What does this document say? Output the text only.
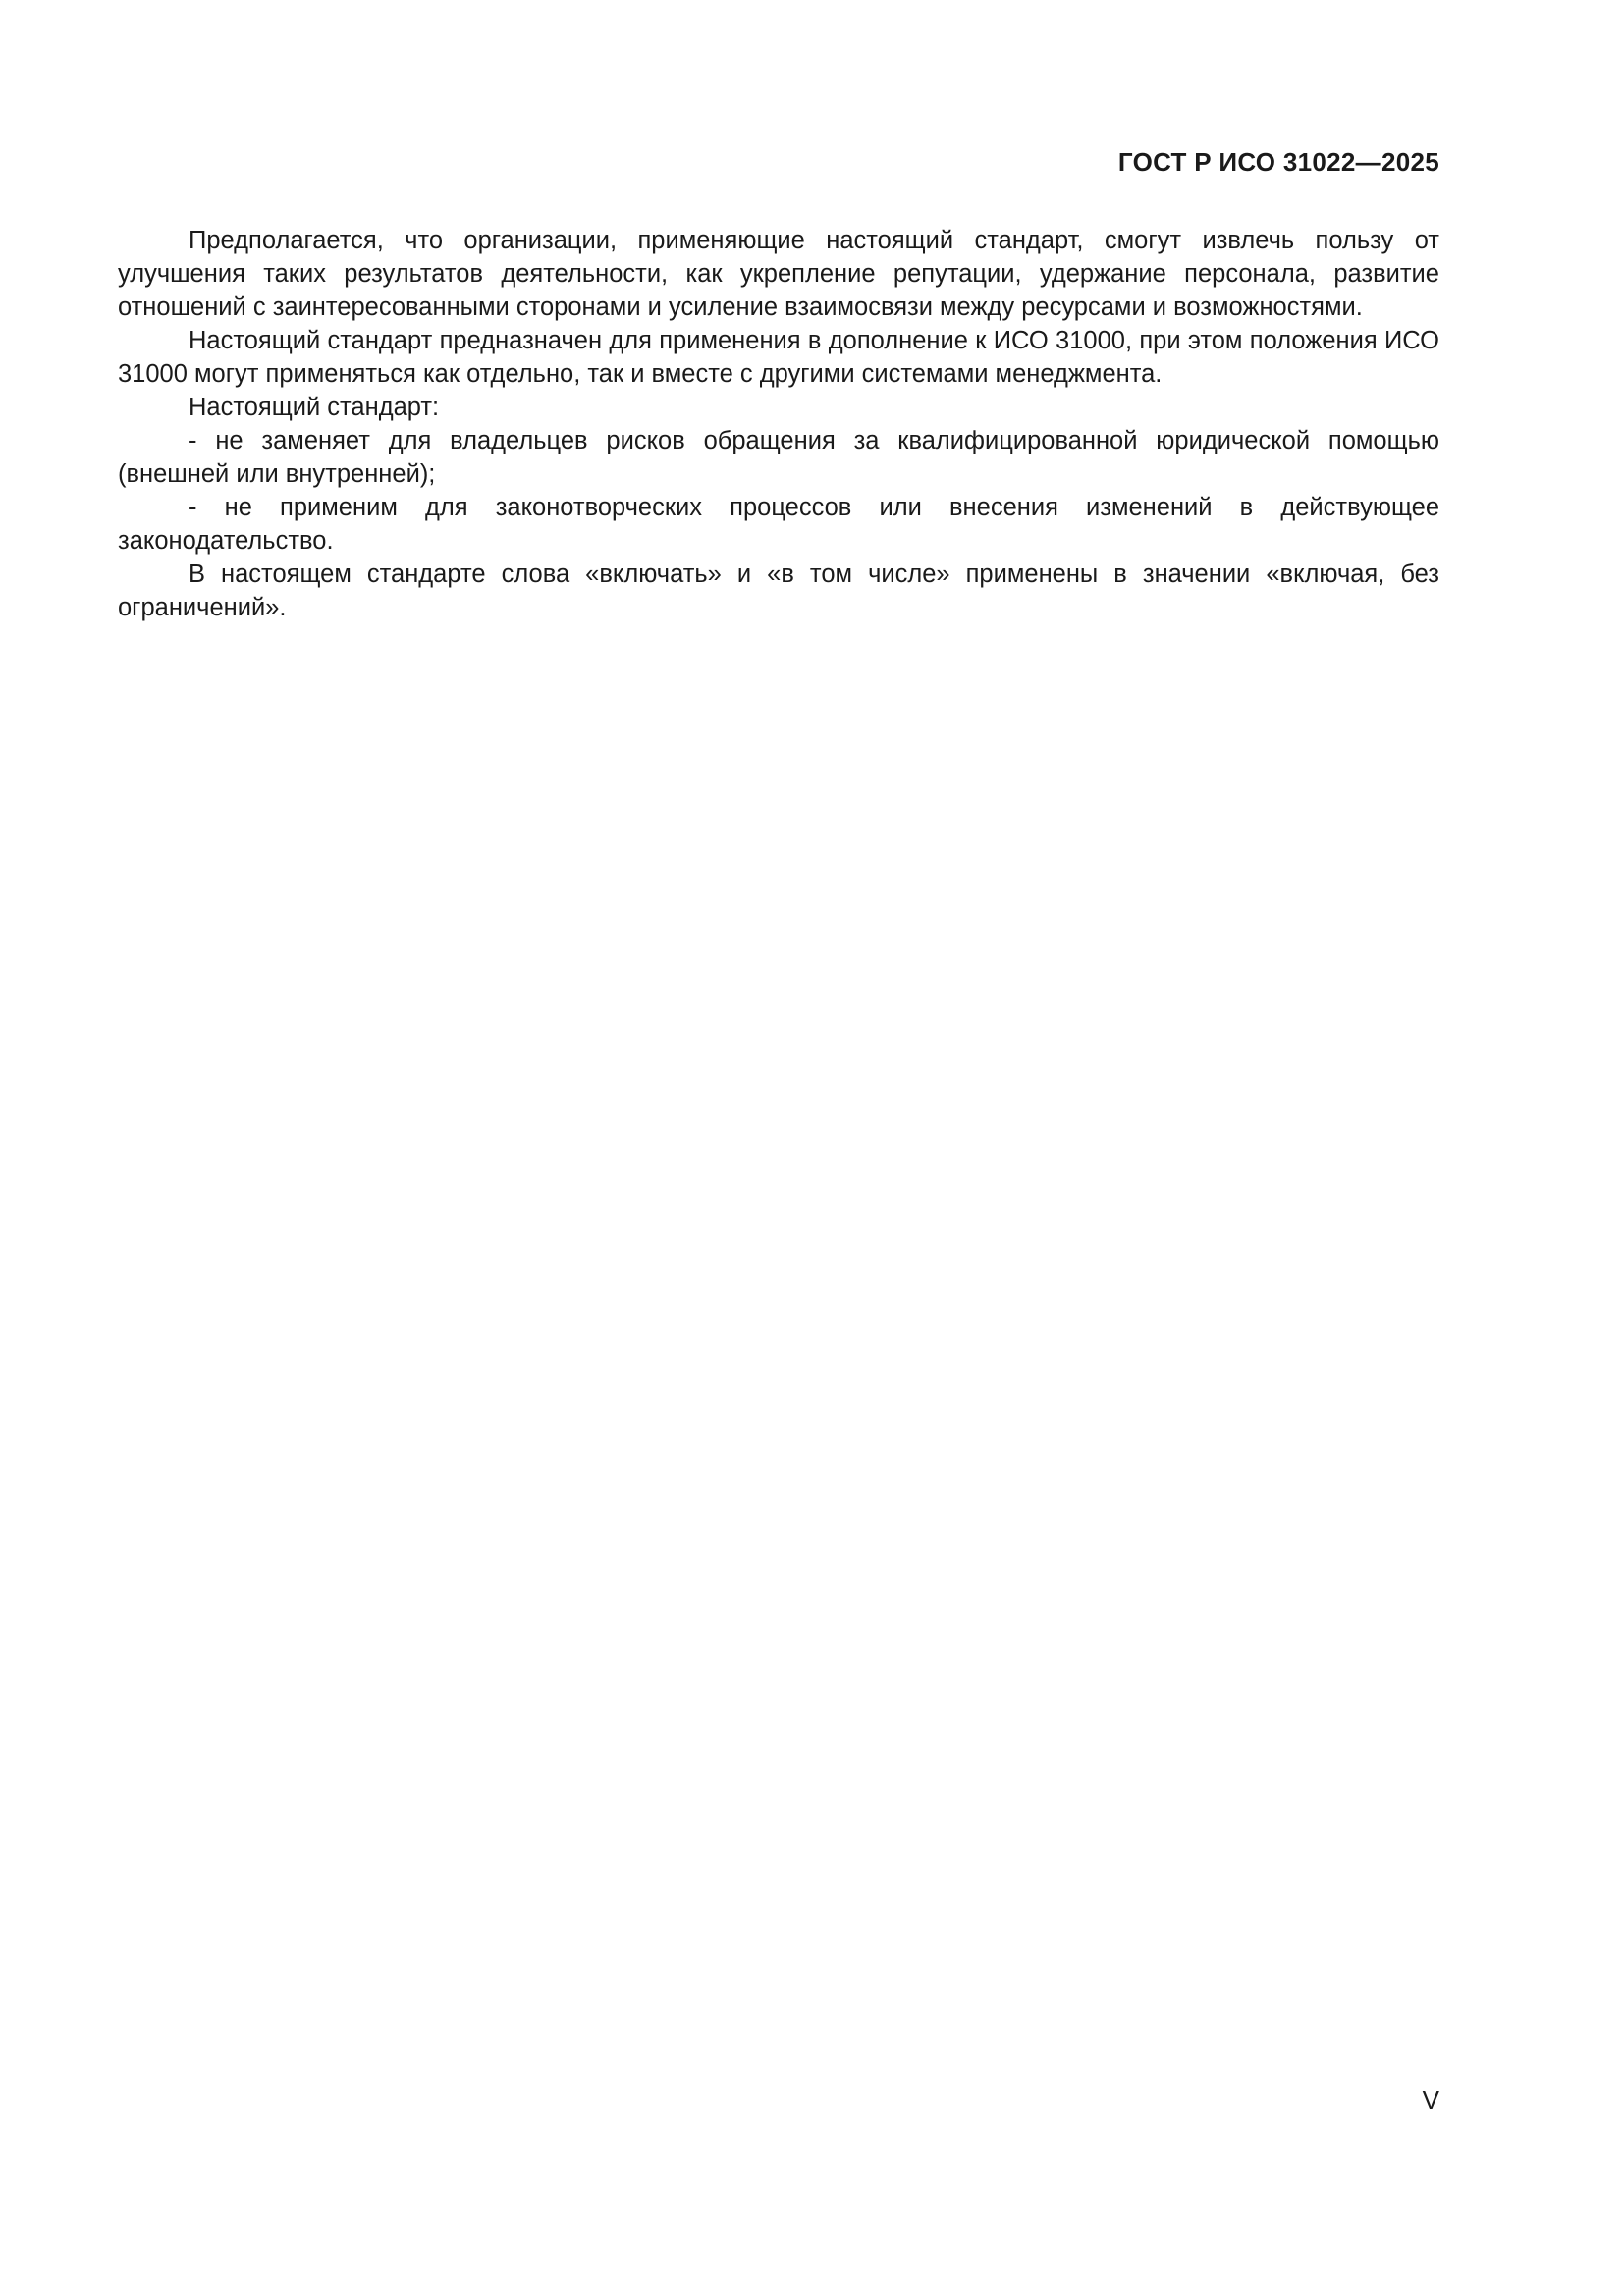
ГОСТ Р ИСО 31022—2025

Предполагается, что организации, применяющие настоящий стандарт, смогут извлечь пользу от улучшения таких результатов деятельности, как укрепление репутации, удержание персонала, развитие отношений с заинтересованными сторонами и усиление взаимосвязи между ресурсами и возможностями.

Настоящий стандарт предназначен для применения в дополнение к ИСО 31000, при этом положения ИСО 31000 могут применяться как отдельно, так и вместе с другими системами менеджмента.

Настоящий стандарт:

- не заменяет для владельцев рисков обращения за квалифицированной юридической помощью (внешней или внутренней);

- не применим для законотворческих процессов или внесения изменений в действующее законодательство.

В настоящем стандарте слова «включать» и «в том числе» применены в значении «включая, без ограничений».

V
